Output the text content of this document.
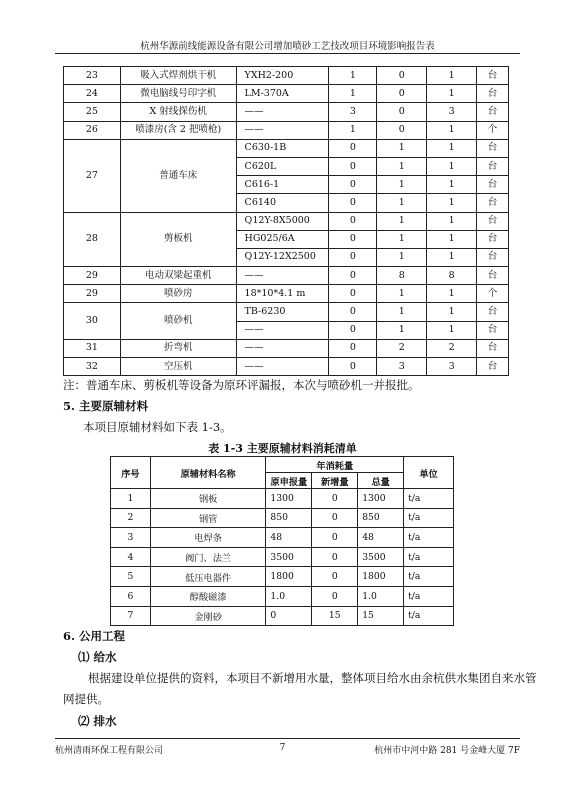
杭州华源前线能源设备有限公司增加喷砂工艺技改项目环境影响报告表
23	吸入式焊剂烘干机	YXH2-200	1	0	1	台
24	微电脑线号印字机	LM-370A	1	0	1	台
25	X 射线探伤机	——	3	0	3	台
26	喷漆房(含 2 把喷枪)	——	1	0	1	个
27	普通车床	C630-1B	0	1	1	台
		C620L	0	1	1	台
		C616-1	0	1	1	台
		C6140	0	1	1	台
28	剪板机	Q12Y-8X5000	0	1	1	台
		HG025/6A	0	1	1	台
		Q12Y-12X2500	0	1	1	台
29	电动双梁起重机	——	0	8	8	台
29	喷砂房	18*10*4.1 m	0	1	1	个
30	喷砂机	TB-6230	0	1	1	台
		——	0	1	1	台
31	折弯机	——	0	2	2	台
32	空压机	——	0	3	3	台
注：普通车床、剪板机等设备为原环评漏报，本次与喷砂机一并报批。
5. 主要原辅材料
本项目原辅材料如下表 1-3。
表 1-3 主要原辅材料消耗清单
序号	原辅材料名称	年消耗量			单位
		原申报量	新增量	总量	
1	钢板	1300	0	1300	t/a
2	钢管	850	0	850	t/a
3	电焊条	48	0	48	t/a
4	阀门、法兰	3500	0	3500	t/a
5	低压电器件	1800	0	1800	t/a
6	醇酸磁漆	1.0	0	1.0	t/a
7	金刚砂	0	15	15	t/a
6. 公用工程
⑴ 给水
根据建设单位提供的资料，本项目不新增用水量，整体项目给水由余杭供水集团自来水管
网提供。
⑵ 排水
杭州清雨环保工程有限公司	7	杭州市中河中路 281 号金峰大厦 7F
